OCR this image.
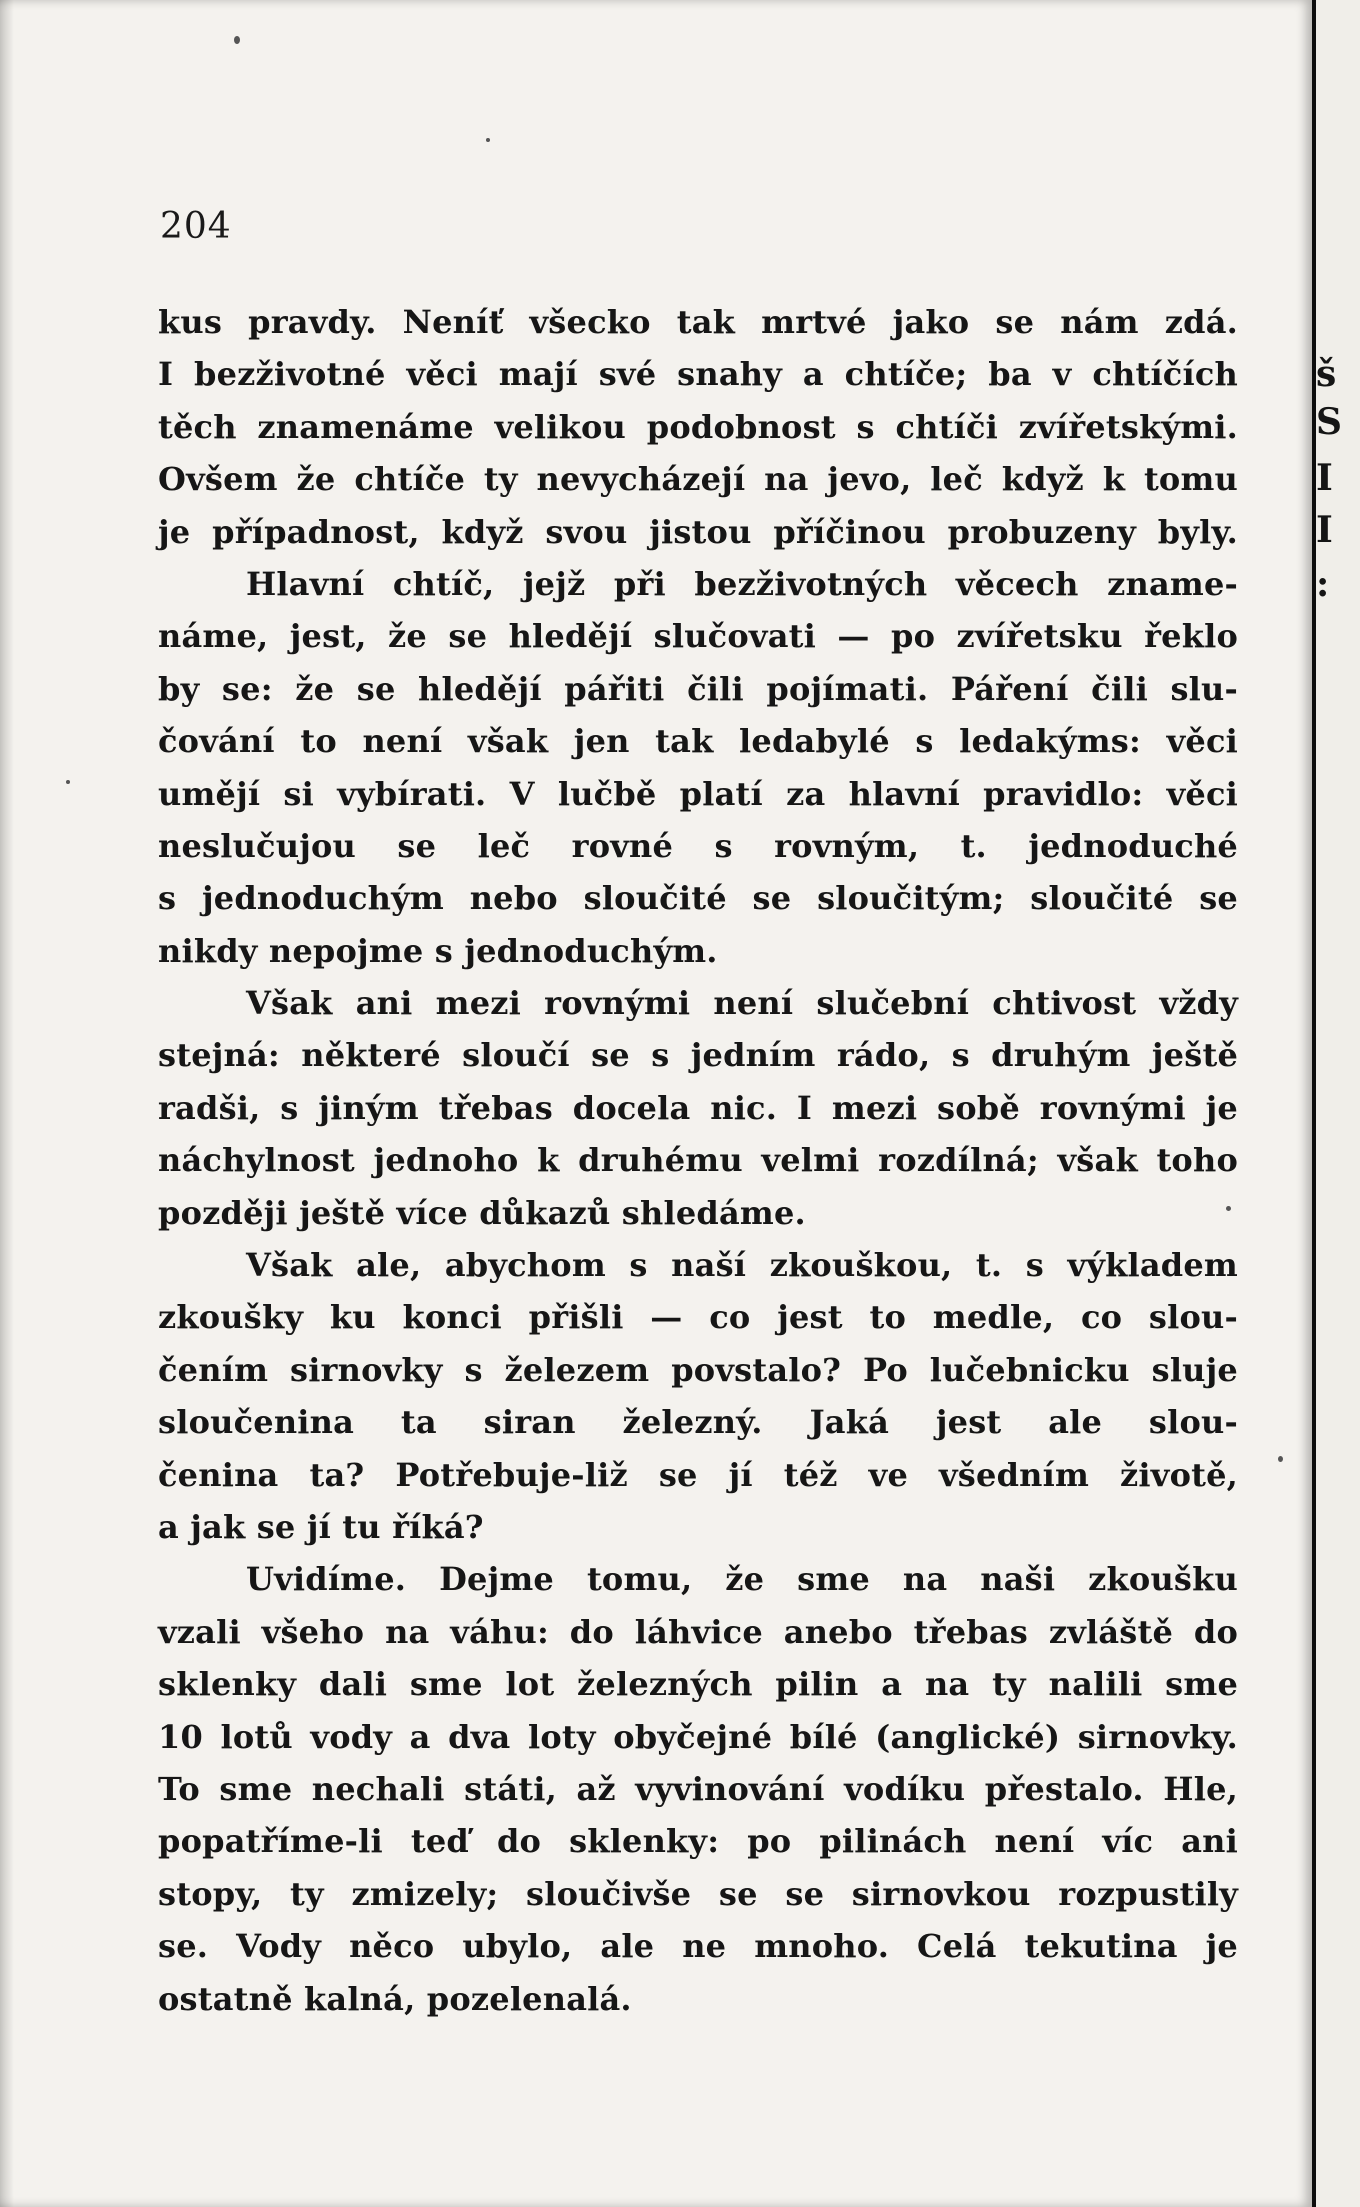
204
kus pravdy. Neníť všecko tak mrtvé jako se nám zdá.
I bezživotné věci mají své snahy a chtíče; ba v chtíčích
těch znamenáme velikou podobnost s chtíči zvířetskými.
Ovšem že chtíče ty nevycházejí na jevo, leč když k tomu
je případnost, když svou jistou příčinou probuzeny byly.
Hlavní chtíč, jejž při bezživotných věcech zname-
náme, jest, že se hledějí slučovati — po zvířetsku řeklo
by se: že se hledějí pářiti čili pojímati. Páření čili slu-
čování to není však jen tak ledabylé s ledakýms: věci
umějí si vybírati. V lučbě platí za hlavní pravidlo: věci
neslučujou se leč rovné s rovným, t. jednoduché
s jednoduchým nebo sloučité se sloučitým; sloučité se
nikdy nepojme s jednoduchým.
Však ani mezi rovnými není slučební chtivost vždy
stejná: některé sloučí se s jedním rádo, s druhým ještě
radši, s jiným třebas docela nic. I mezi sobě rovnými je
náchylnost jednoho k druhému velmi rozdílná; však toho
později ještě více důkazů shledáme.
Však ale, abychom s naší zkouškou, t. s výkladem
zkoušky ku konci přišli — co jest to medle, co slou-
čením sirnovky s železem povstalo? Po lučebnicku sluje
sloučenina ta siran železný. Jaká jest ale slou-
čenina ta? Potřebuje-liž se jí též ve všedním životě,
a jak se jí tu říká?
Uvidíme. Dejme tomu, že sme na naši zkoušku
vzali všeho na váhu: do láhvice anebo třebas zvláště do
sklenky dali sme lot železných pilin a na ty nalili sme
10 lotů vody a dva loty obyčejné bílé (anglické) sirnovky.
To sme nechali státi, až vyvinování vodíku přestalo. Hle,
popatříme-li teď do sklenky: po pilinách není víc ani
stopy, ty zmizely; sloučivše se se sirnovkou rozpustily
se. Vody něco ubylo, ale ne mnoho. Celá tekutina je
ostatně kalná, pozelenalá.
š
S
I
I
:
